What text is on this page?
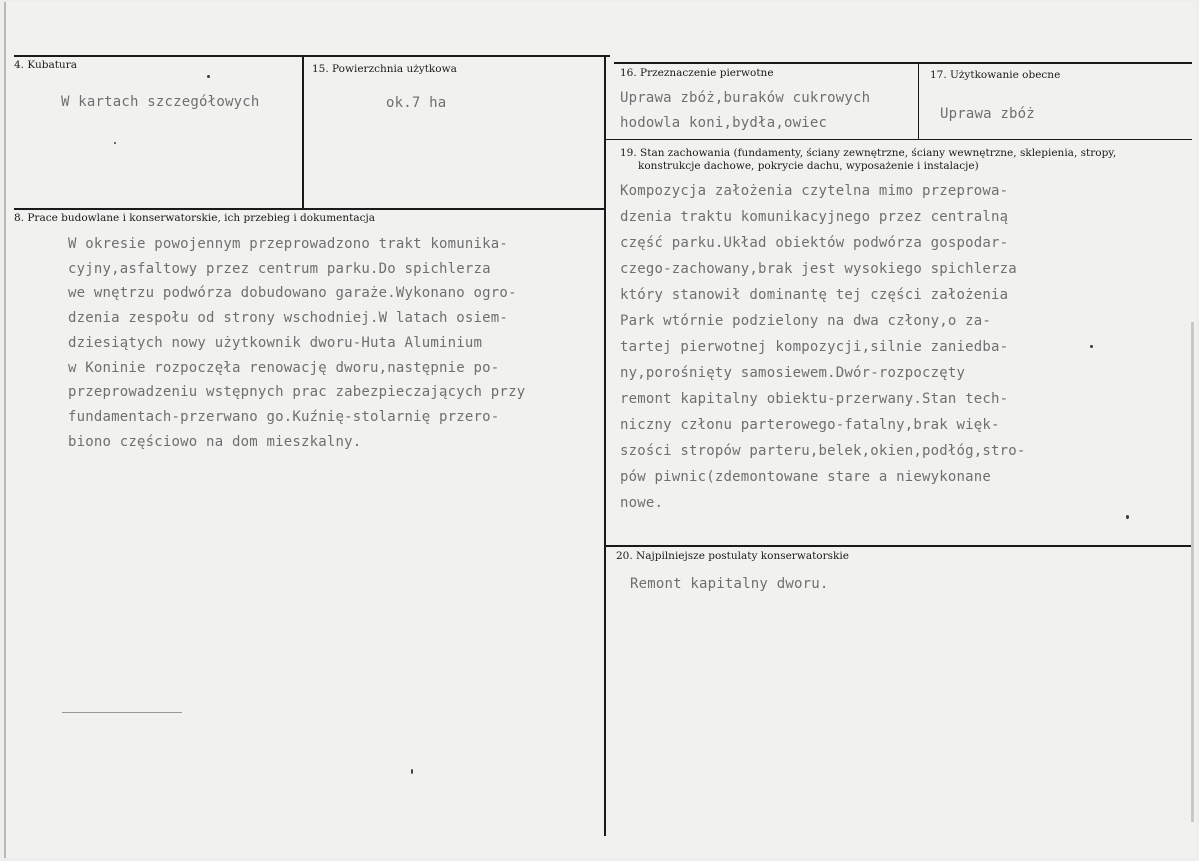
4. Kubatura
W kartach szczegółowych
15. Powierzchnia użytkowa
ok.7 ha
16. Przeznaczenie pierwotne
Uprawa zbóż,buraków cukrowych
hodowla koni,bydła,owiec
17. Użytkowanie obecne
Uprawa zbóż
19. Stan zachowania (fundamenty, ściany zewnętrzne, ściany wewnętrzne, sklepienia, stropy,
konstrukcje dachowe, pokrycie dachu, wyposażenie i instalacje)
Kompozycja założenia czytelna mimo przeprowa-
dzenia traktu komunikacyjnego przez centralną
część parku.Układ obiektów podwórza gospodar-
czego-zachowany,brak jest wysokiego spichlerza
który stanowił dominantę tej części założenia
Park wtórnie podzielony na dwa człony,o za-
tartej pierwotnej kompozycji,silnie zaniedba-
ny,porośnięty samosiewem.Dwór-rozpoczęty
remont kapitalny obiektu-przerwany.Stan tech-
niczny członu parterowego-fatalny,brak więk-
szości stropów parteru,belek,okien,podłóg,stro-
pów piwnic(zdemontowane stare a niewykonane
nowe.
8. Prace budowlane i konserwatorskie, ich przebieg i dokumentacja
W okresie powojennym przeprowadzono trakt komunika-
cyjny,asfaltowy przez centrum parku.Do spichlerza
we wnętrzu podwórza dobudowano garaże.Wykonano ogro-
dzenia zespołu od strony wschodniej.W latach osiem-
dziesiątych nowy użytkownik dworu-Huta Aluminium
w Koninie rozpoczęła renowację dworu,następnie po-
przeprowadzeniu wstępnych prac zabezpieczających przy
fundamentach-przerwano go.Kuźnię-stolarnię przero-
biono częściowo na dom mieszkalny.
20. Najpilniejsze postulaty konserwatorskie
Remont kapitalny dworu.
